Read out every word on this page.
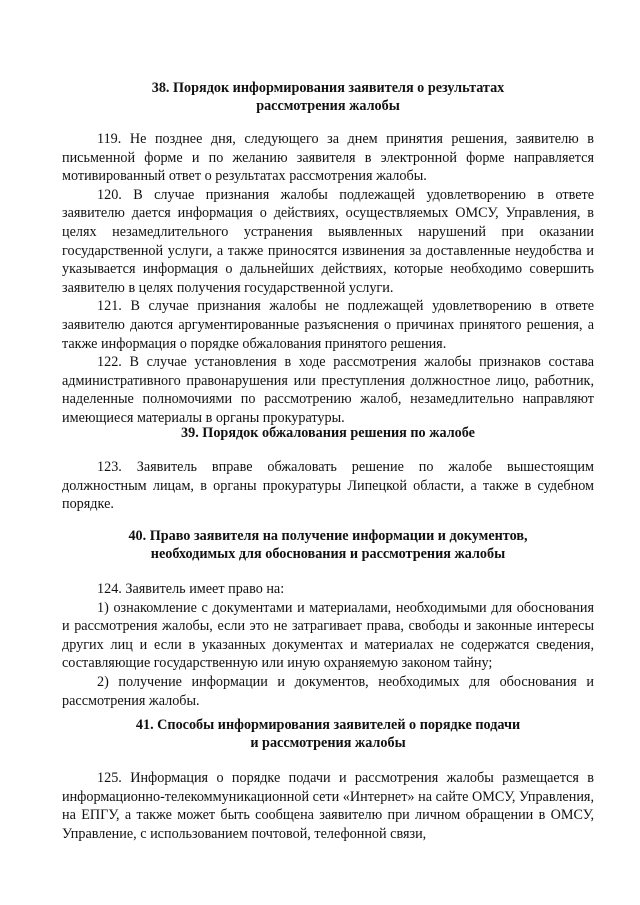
38. Порядок информирования заявителя о результатах
рассмотрения жалобы

119. Не позднее дня, следующего за днем принятия решения, заявителю в письменной форме и по желанию заявителя в электронной форме направляется мотивированный ответ о результатах рассмотрения жалобы.

120. В случае признания жалобы подлежащей удовлетворению в ответе заявителю дается информация о действиях, осуществляемых ОМСУ, Управления, в целях незамедлительного устранения выявленных нарушений при оказании государственной услуги, а также приносятся извинения за доставленные неудобства и указывается информация о дальнейших действиях, которые необходимо совершить заявителю в целях получения государственной услуги.

121. В случае признания жалобы не подлежащей удовлетворению в ответе заявителю даются аргументированные разъяснения о причинах принятого решения, а также информация о порядке обжалования принятого решения.

122. В случае установления в ходе рассмотрения жалобы признаков состава административного правонарушения или преступления должностное лицо, работник, наделенные полномочиями по рассмотрению жалоб, незамедлительно направляют имеющиеся материалы в органы прокуратуры.

39. Порядок обжалования решения по жалобе

123. Заявитель вправе обжаловать решение по жалобе вышестоящим должностным лицам, в органы прокуратуры Липецкой области, а также в судебном порядке.

40. Право заявителя на получение информации и документов,
необходимых для обоснования и рассмотрения жалобы

124. Заявитель имеет право на:

1) ознакомление с документами и материалами, необходимыми для обоснования и рассмотрения жалобы, если это не затрагивает права, свободы и законные интересы других лиц и если в указанных документах и материалах не содержатся сведения, составляющие государственную или иную охраняемую законом тайну;

2) получение информации и документов, необходимых для обоснования и рассмотрения жалобы.

41. Способы информирования заявителей о порядке подачи
и рассмотрения жалобы

125. Информация о порядке подачи и рассмотрения жалобы размещается в информационно-телекоммуникационной сети «Интернет» на сайте ОМСУ, Управления, на ЕПГУ, а также может быть сообщена заявителю при личном обращении в ОМСУ, Управление, с использованием почтовой, телефонной связи,
